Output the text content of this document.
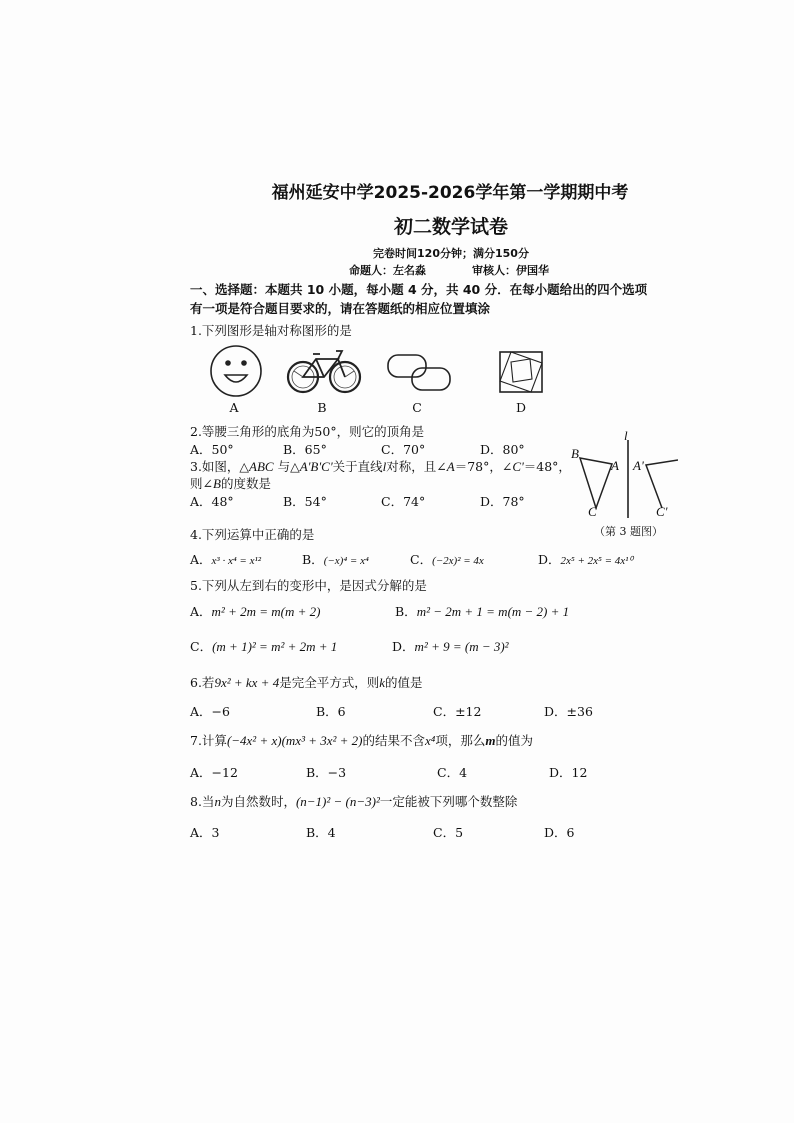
福州延安中学2025-2026学年第一学期期中考
初二数学试卷
完卷时间120分钟；满分150分
命题人：左名淼	审核人：伊国华
一、选择题：本题共 10 小题，每小题 4 分，共 40 分．在每小题给出的四个选项
有一项是符合题目要求的，请在答题纸的相应位置填涂
1.下列图形是轴对称图形的是
A	B	C	D
2.等腰三角形的底角为50°，则它的顶角是
A．50°	B．65°	C．70°	D．80°
3.如图，△ABC 与△A'B'C'关于直线l对称，且∠A＝78°，∠C'＝48°，
则∠B的度数是
A．48°	B．54°	C．74°	D．78°
l
B
A
C
A'
C'
（第 3 题图）
4.下列运算中正确的是
A．x³ · x⁴ = x¹²	B．(−x)⁴ = x⁴	C．(−2x)² = 4x	D．2x⁵ + 2x⁵ = 4x¹⁰
5.下列从左到右的变形中，是因式分解的是
A．m² + 2m = m(m + 2)	B．m² − 2m + 1 = m(m − 2) + 1
C．(m + 1)² = m² + 2m + 1	D．m² + 9 = (m − 3)²
6.若9x² + kx + 4是完全平方式，则k的值是
A．−6	B．6	C．±12	D．±36
7.计算(−4x² + x)(mx³ + 3x² + 2)的结果不含x⁴项，那么m的值为
A．−12	B．−3	C．4	D．12
8.当n为自然数时，(n−1)² − (n−3)²一定能被下列哪个数整除
A．3	B．4	C．5	D．6
